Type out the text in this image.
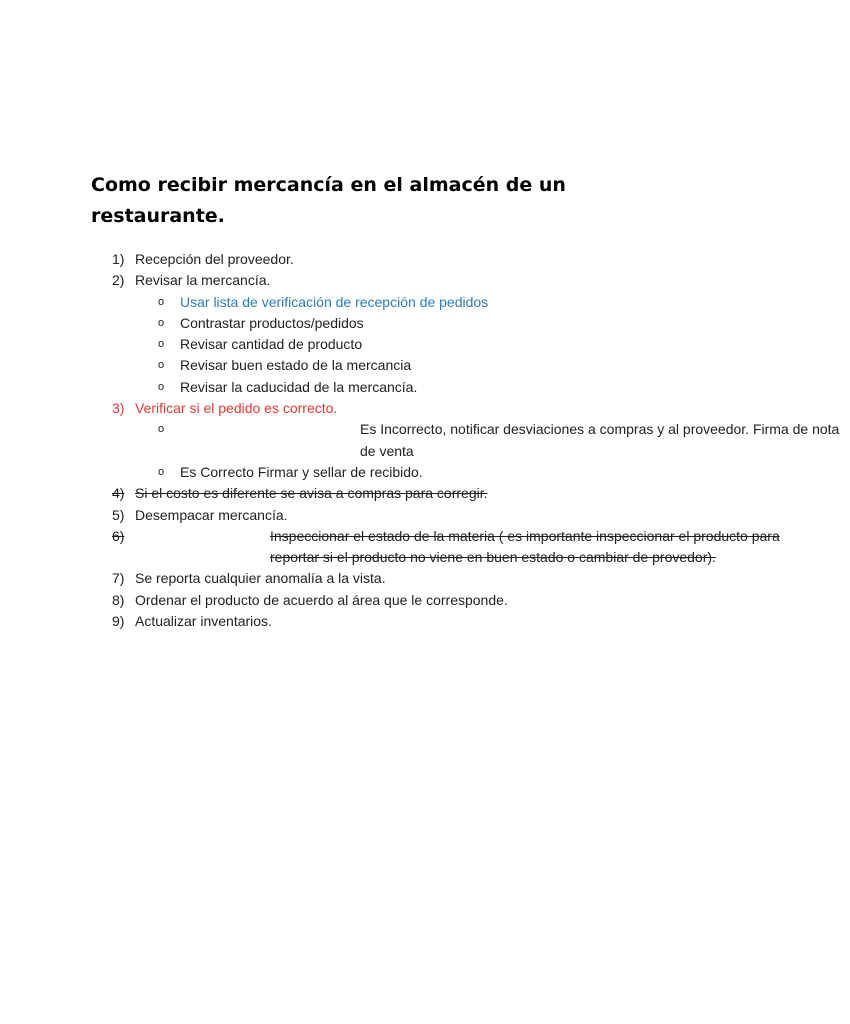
Como recibir mercancía en el almacén de un restaurante.
1) Recepción del proveedor.
2) Revisar la mercancía.
o Usar lista de verificación de recepción de pedidos
o Contrastar productos/pedidos
o Revisar cantidad de producto
o Revisar buen estado de la mercancia
o Revisar la caducidad de la mercancía.
3) Verificar si el pedido es correcto.
o	Es Incorrecto, notificar desviaciones a compras y al proveedor. Firma de nota de venta
o Es Correcto Firmar y sellar de recibido.
4) Si el costo es diferente se avisa a compras para corregir.
5) Desempacar mercancía.
6)	Inspeccionar el estado de la materia ( es importante inspeccionar el producto para reportar si el producto no viene en buen estado o cambiar de provedor).
7) Se reporta cualquier anomalía a la vista.
8) Ordenar el producto de acuerdo al área que le corresponde.
9) Actualizar inventarios.
